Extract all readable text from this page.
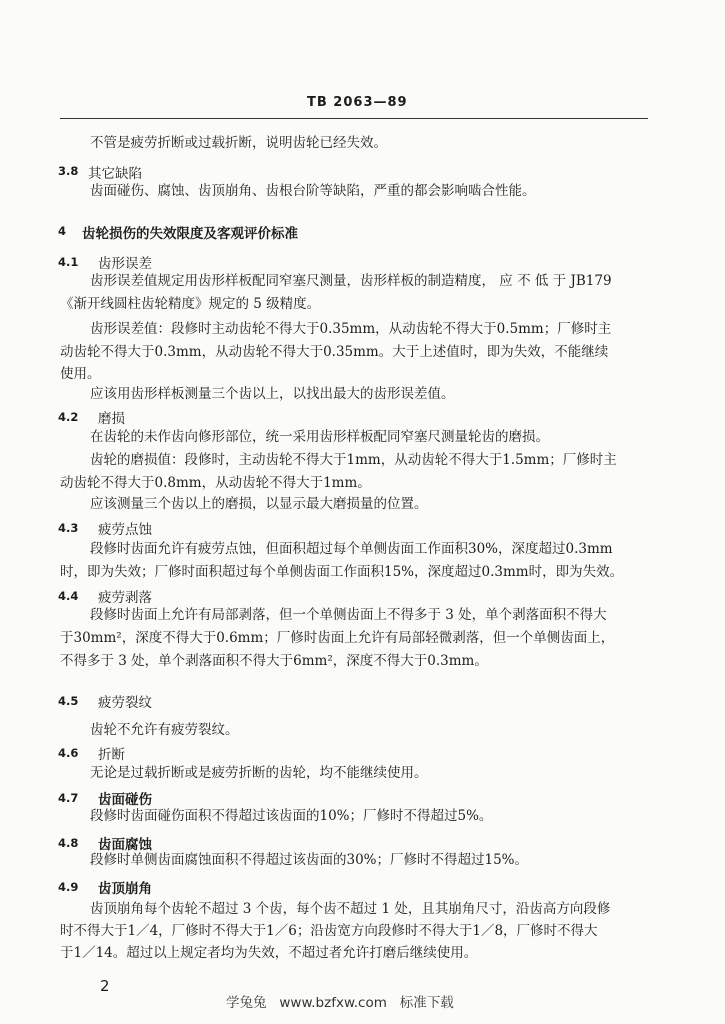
TB 2063—89
不管是疲劳折断或过载折断，说明齿轮已经失效。
3.8 其它缺陷
齿面碰伤、腐蚀、齿顶崩角、齿根台阶等缺陷，严重的都会影响啮合性能。
4 齿轮损伤的失效限度及客观评价标准
4.1 齿形误差
齿形误差值规定用齿形样板配同窄塞尺测量，齿形样板的制造精度， 应 不 低 于 JB179
《渐开线圆柱齿轮精度》规定的 5 级精度。
齿形误差值：段修时主动齿轮不得大于0.35mm，从动齿轮不得大于0.5mm；厂修时主
动齿轮不得大于0.3mm，从动齿轮不得大于0.35mm。大于上述值时，即为失效，不能继续
使用。
应该用齿形样板测量三个齿以上，以找出最大的齿形误差值。
4.2 磨损
在齿轮的未作齿向修形部位，统一采用齿形样板配同窄塞尺测量轮齿的磨损。
齿轮的磨损值：段修时，主动齿轮不得大于1mm，从动齿轮不得大于1.5mm；厂修时主
动齿轮不得大于0.8mm，从动齿轮不得大于1mm。
应该测量三个齿以上的磨损，以显示最大磨损量的位置。
4.3 疲劳点蚀
段修时齿面允许有疲劳点蚀，但面积超过每个单侧齿面工作面积30%，深度超过0.3mm
时，即为失效；厂修时面积超过每个单侧齿面工作面积15%，深度超过0.3mm时，即为失效。
4.4 疲劳剥落
段修时齿面上允许有局部剥落，但一个单侧齿面上不得多于 3 处，单个剥落面积不得大
于30mm²，深度不得大于0.6mm；厂修时齿面上允许有局部轻微剥落，但一个单侧齿面上，
不得多于 3 处，单个剥落面积不得大于6mm²，深度不得大于0.3mm。
4.5 疲劳裂纹
齿轮不允许有疲劳裂纹。
4.6 折断
无论是过载折断或是疲劳折断的齿轮，均不能继续使用。
4.7 齿面碰伤
段修时齿面碰伤面积不得超过该齿面的10%；厂修时不得超过5%。
4.8 齿面腐蚀
段修时单侧齿面腐蚀面积不得超过该齿面的30%；厂修时不得超过15%。
4.9 齿顶崩角
齿顶崩角每个齿轮不超过 3 个齿，每个齿不超过 1 处，且其崩角尺寸，沿齿高方向段修
时不得大于1／4，厂修时不得大于1／6；沿齿宽方向段修时不得大于1／8，厂修时不得大
于1／14。超过以上规定者均为失效，不超过者允许打磨后继续使用。
2
学兔兔   www.bzfxw.com   标准下载
